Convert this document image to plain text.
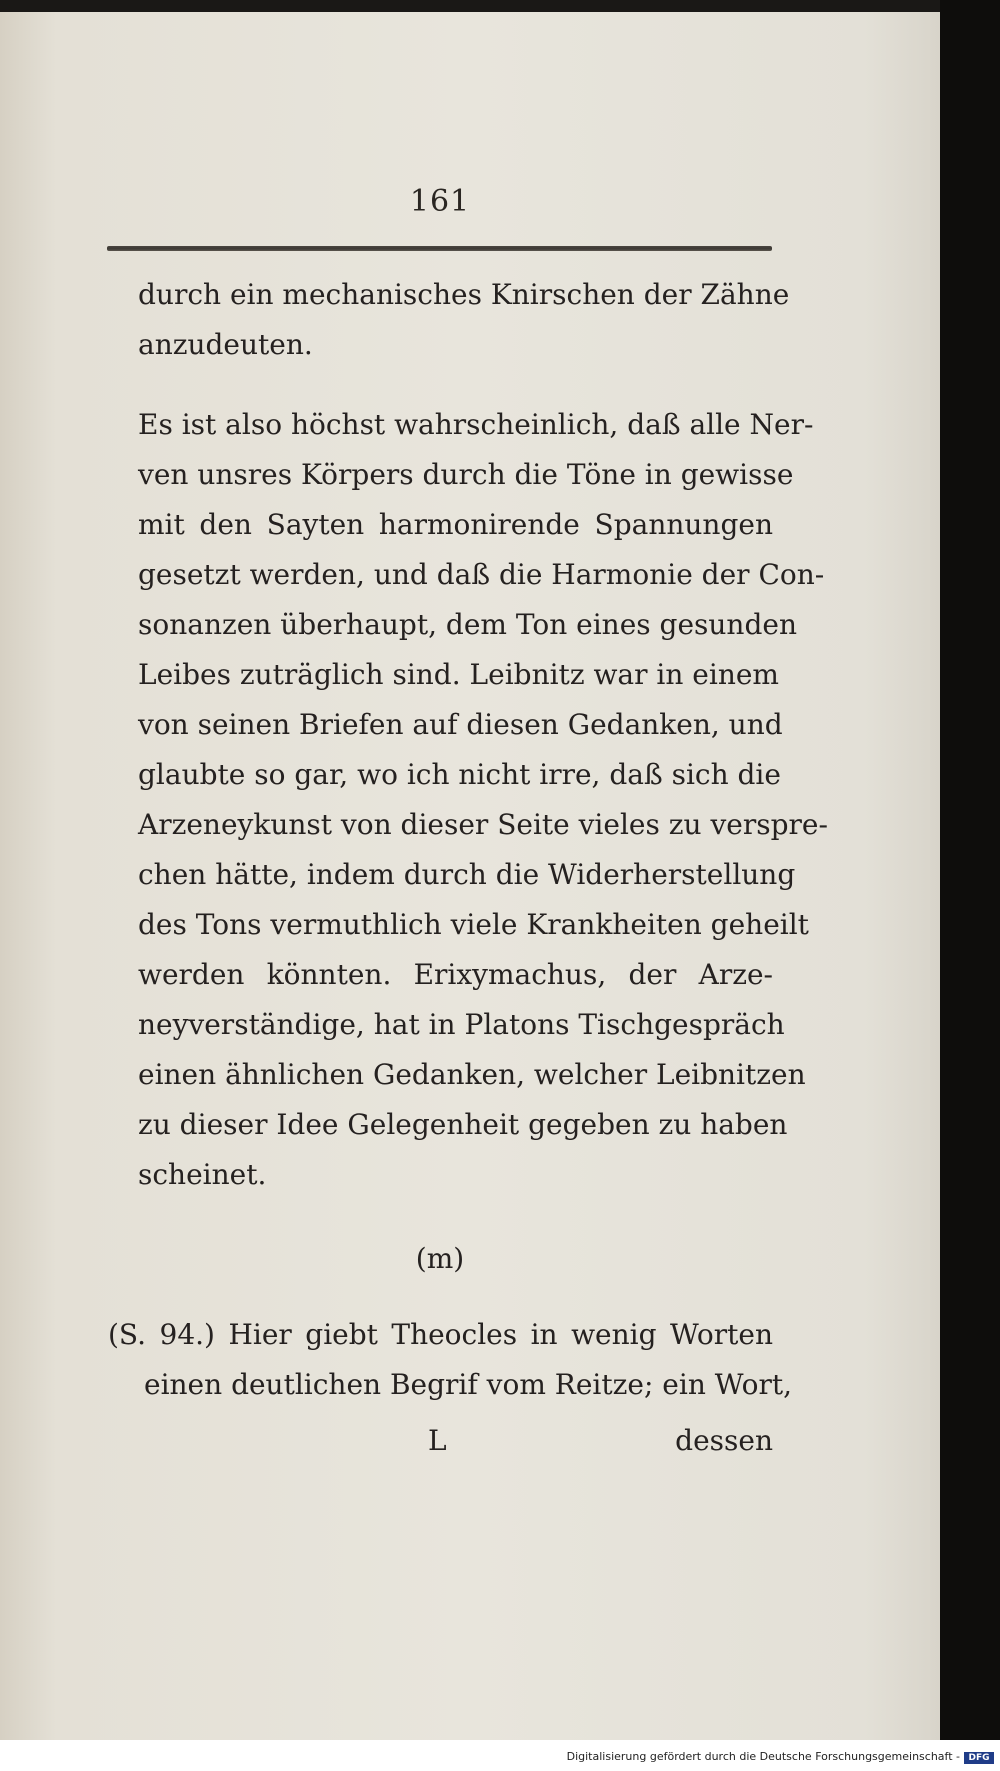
161
durch ein mechanisches Knirschen der Zähne
anzudeuten.
Es ist also höchst wahrscheinlich, daß alle Ner-
ven unsres Körpers durch die Töne in gewisse
mit den Sayten harmonirende Spannungen
gesetzt werden, und daß die Harmonie der Con-
sonanzen überhaupt, dem Ton eines gesunden
Leibes zuträglich sind. Leibnitz war in einem
von seinen Briefen auf diesen Gedanken, und
glaubte so gar, wo ich nicht irre, daß sich die
Arzeneykunst von dieser Seite vieles zu verspre-
chen hätte, indem durch die Widerherstellung
des Tons vermuthlich viele Krankheiten geheilt
werden könnten. Erixymachus, der Arze-
neyverständige, hat in Platons Tischgespräch
einen ähnlichen Gedanken, welcher Leibnitzen
zu dieser Idee Gelegenheit gegeben zu haben
scheinet.
(m)
(S. 94.) Hier giebt Theocles in wenig Worten
einen deutlichen Begrif vom Reitze; ein Wort,
L	dessen
Digitalisierung gefördert durch die Deutsche Forschungsgemeinschaft - DFG
